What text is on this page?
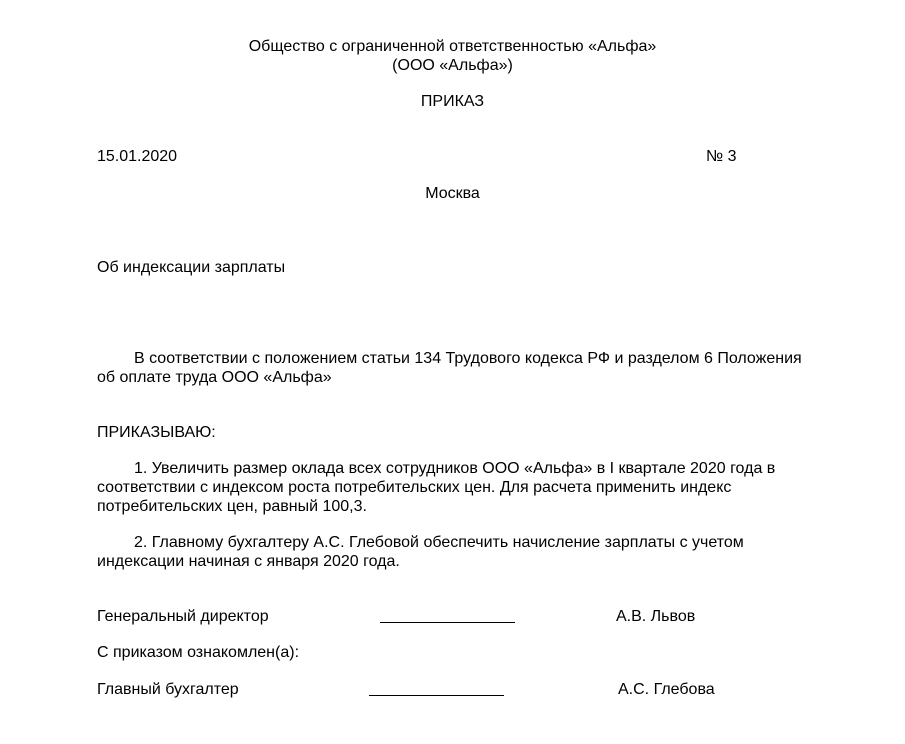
Общество с ограниченной ответственностью «Альфа»
(ООО «Альфа»)
ПРИКАЗ
15.01.2020	№ 3
Москва
Об индексации зарплаты
В соответствии с положением статьи 134 Трудового кодекса РФ и разделом 6 Положения об оплате труда ООО «Альфа»
ПРИКАЗЫВАЮ:
1. Увеличить размер оклада всех сотрудников ООО «Альфа» в I квартале 2020 года в соответствии с индексом роста потребительских цен. Для расчета применить индекс потребительских цен, равный 100,3.
2. Главному бухгалтеру А.С. Глебовой обеспечить начисление зарплаты с учетом индексации начиная с января 2020 года.
Генеральный директор	А.В. Львов
С приказом ознакомлен(а):
Главный бухгалтер	А.С. Глебова
